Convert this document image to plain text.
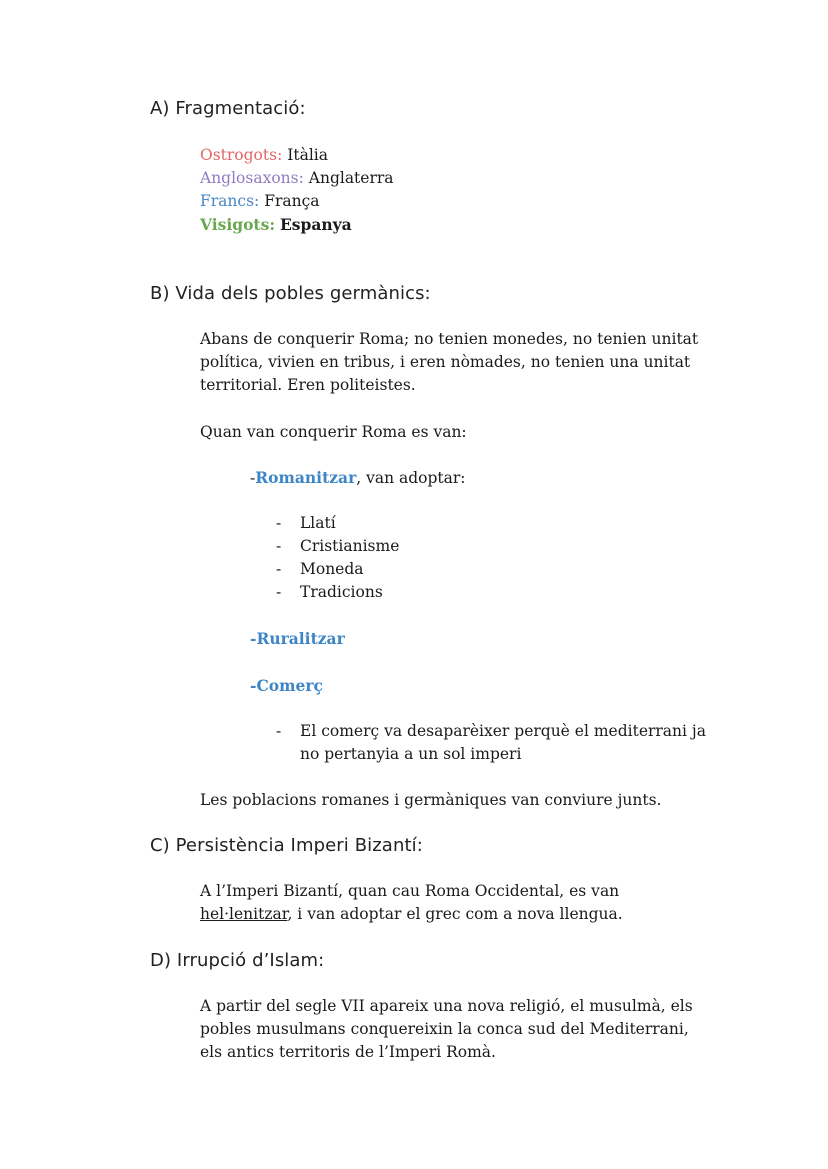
A) Fragmentació:
Ostrogots: Itàlia
Anglosaxons: Anglaterra
Francs: França
Visigots: Espanya
B) Vida dels pobles germànics:

Abans de conquerir Roma; no tenien monedes, no tenien unitat política, vivien en tribus, i eren nòmades, no tenien una unitat territorial. Eren politeistes.

Quan van conquerir Roma es van:

-Romanitzar, van adoptar:

- Llatí
- Cristianisme
- Moneda
- Tradicions

-Ruralitzar

-Comerç

- El comerç va desaparèixer perquè el mediterrani ja no pertanyia a un sol imperi

Les poblacions romanes i germàniques van conviure junts.

C) Persistència Imperi Bizantí:

A l’Imperi Bizantí, quan cau Roma Occidental, es van hel·lenitzar, i van adoptar el grec com a nova llengua.

D) Irrupció d’Islam:

A partir del segle VII apareix una nova religió, el musulmà, els pobles musulmans conquereixin la conca sud del Mediterrani, els antics territoris de l’Imperi Romà.
